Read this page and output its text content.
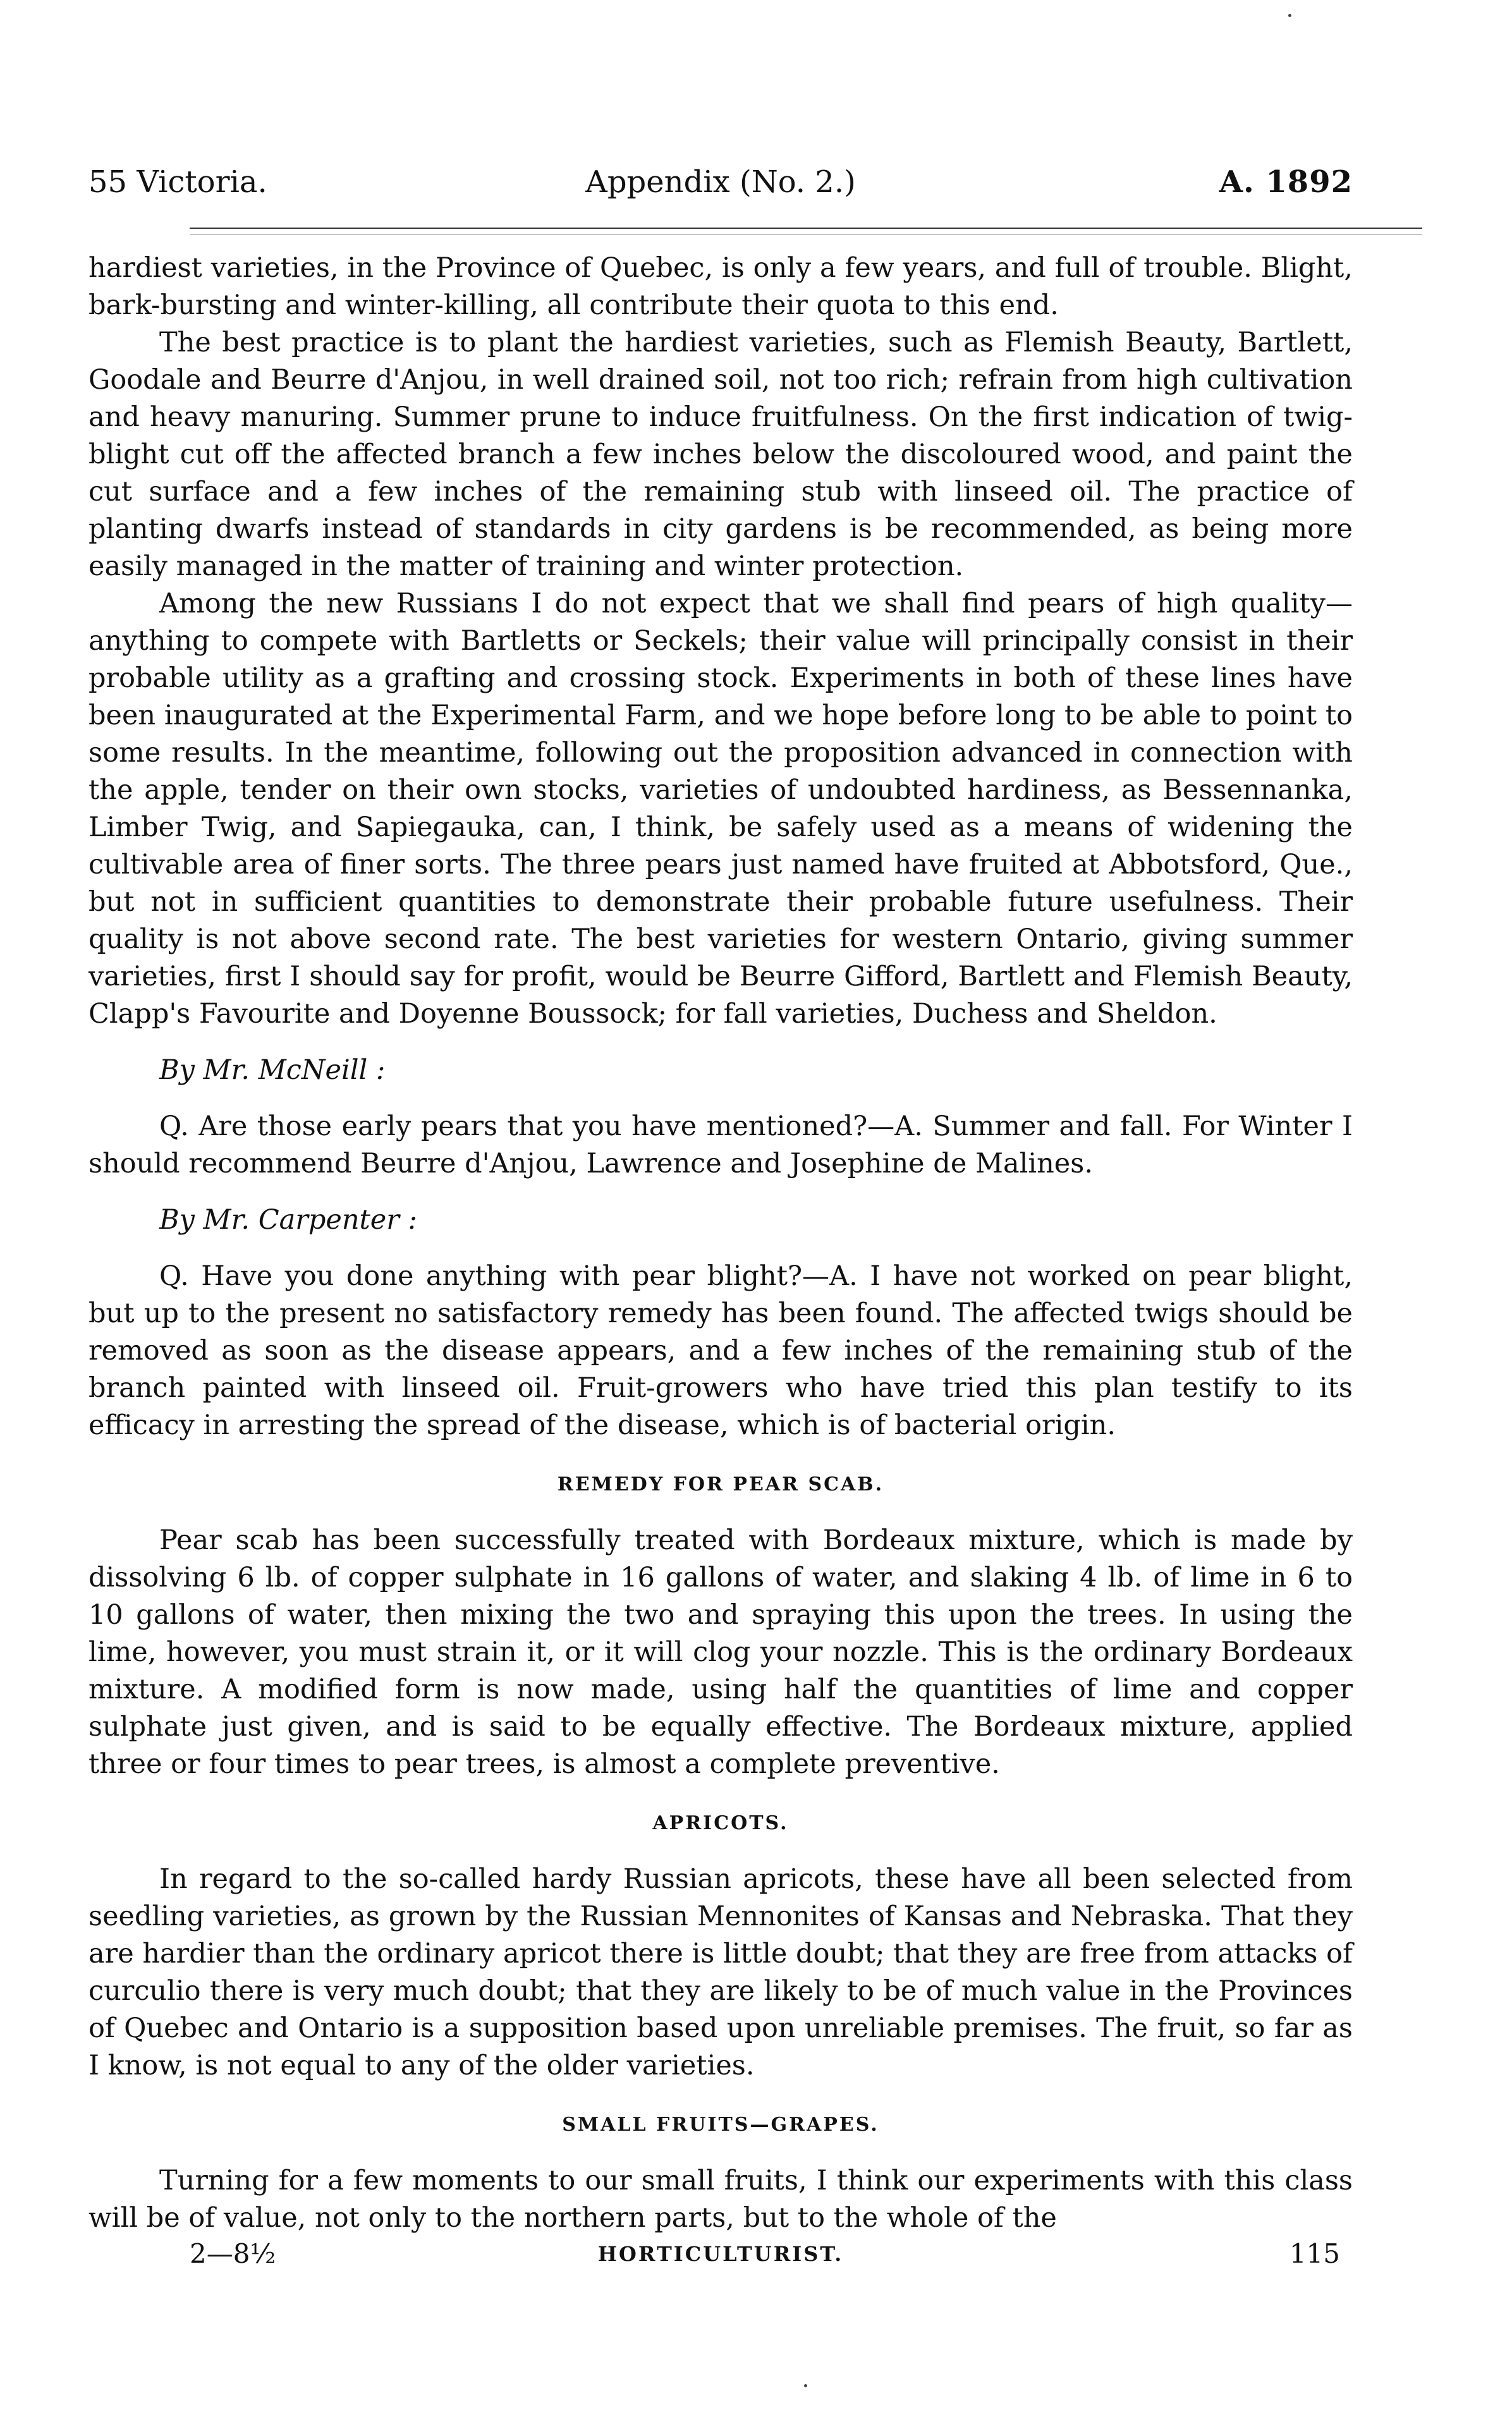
55 Victoria.	Appendix (No. 2.)	A. 1892

hardiest varieties, in the Province of Quebec, is only a few years, and full of trouble. Blight, bark-bursting and winter-killing, all contribute their quota to this end.

The best practice is to plant the hardiest varieties, such as Flemish Beauty, Bartlett, Goodale and Beurre d'Anjou, in well drained soil, not too rich; refrain from high cultivation and heavy manuring. Summer prune to induce fruitfulness. On the first indication of twig-blight cut off the affected branch a few inches below the discoloured wood, and paint the cut surface and a few inches of the remaining stub with linseed oil. The practice of planting dwarfs instead of standards in city gardens is be recommended, as being more easily managed in the matter of training and winter protection.

Among the new Russians I do not expect that we shall find pears of high quality—anything to compete with Bartletts or Seckels; their value will principally consist in their probable utility as a grafting and crossing stock. Experiments in both of these lines have been inaugurated at the Experimental Farm, and we hope before long to be able to point to some results. In the meantime, following out the proposition advanced in connection with the apple, tender on their own stocks, varieties of undoubted hardiness, as Bessennanka, Limber Twig, and Sapiegauka, can, I think, be safely used as a means of widening the cultivable area of finer sorts. The three pears just named have fruited at Abbotsford, Que., but not in sufficient quantities to demonstrate their probable future usefulness. Their quality is not above second rate. The best varieties for western Ontario, giving summer varieties, first I should say for profit, would be Beurre Gifford, Bartlett and Flemish Beauty, Clapp's Favourite and Doyenne Boussock; for fall varieties, Duchess and Sheldon.

By Mr. McNeill :

Q. Are those early pears that you have mentioned?—A. Summer and fall. For Winter I should recommend Beurre d'Anjou, Lawrence and Josephine de Malines.

By Mr. Carpenter :

Q. Have you done anything with pear blight?—A. I have not worked on pear blight, but up to the present no satisfactory remedy has been found. The affected twigs should be removed as soon as the disease appears, and a few inches of the remaining stub of the branch painted with linseed oil. Fruit-growers who have tried this plan testify to its efficacy in arresting the spread of the disease, which is of bacterial origin.

REMEDY FOR PEAR SCAB.

Pear scab has been successfully treated with Bordeaux mixture, which is made by dissolving 6 lb. of copper sulphate in 16 gallons of water, and slaking 4 lb. of lime in 6 to 10 gallons of water, then mixing the two and spraying this upon the trees. In using the lime, however, you must strain it, or it will clog your nozzle. This is the ordinary Bordeaux mixture. A modified form is now made, using half the quantities of lime and copper sulphate just given, and is said to be equally effective. The Bordeaux mixture, applied three or four times to pear trees, is almost a complete preventive.

APRICOTS.

In regard to the so-called hardy Russian apricots, these have all been selected from seedling varieties, as grown by the Russian Mennonites of Kansas and Nebraska. That they are hardier than the ordinary apricot there is little doubt; that they are free from attacks of curculio there is very much doubt; that they are likely to be of much value in the Provinces of Quebec and Ontario is a supposition based upon unreliable premises. The fruit, so far as I know, is not equal to any of the older varieties.

SMALL FRUITS—GRAPES.

Turning for a few moments to our small fruits, I think our experiments with this class will be of value, not only to the northern parts, but to the whole of the

2—8½	HORTICULTURIST.	115
